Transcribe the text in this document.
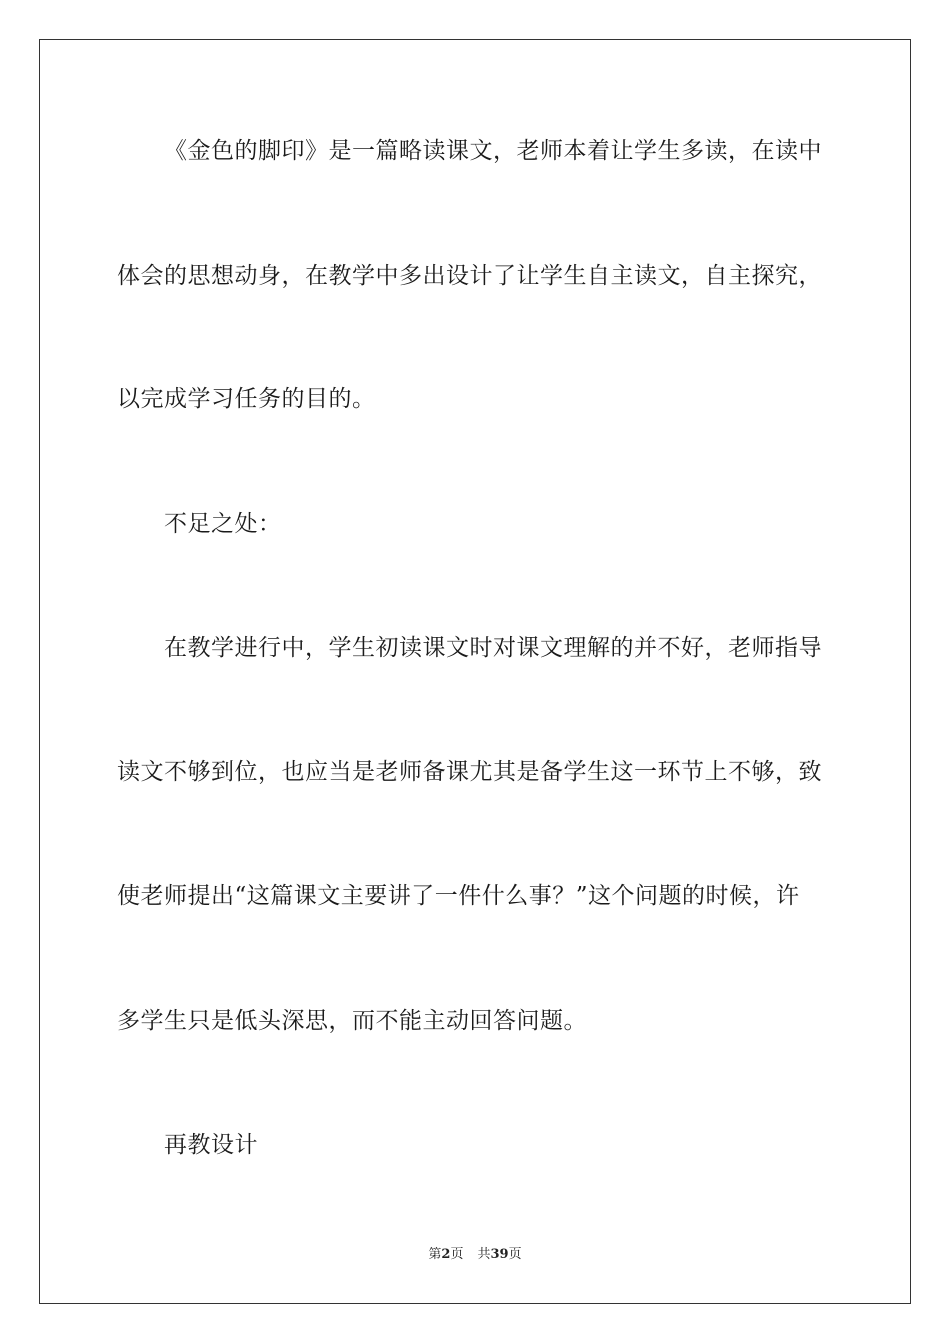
《金色的脚印》是一篇略读课文，老师本着让学生多读，在读中
体会的思想动身，在教学中多出设计了让学生自主读文，自主探究，
以完成学习任务的目的。
不足之处：
在教学进行中，学生初读课文时对课文理解的并不好，老师指导
读文不够到位，也应当是老师备课尤其是备学生这一环节上不够，致
使老师提出“这篇课文主要讲了一件什么事？”这个问题的时候，许
多学生只是低头深思，而不能主动回答问题。
再教设计
第2页 共39页
